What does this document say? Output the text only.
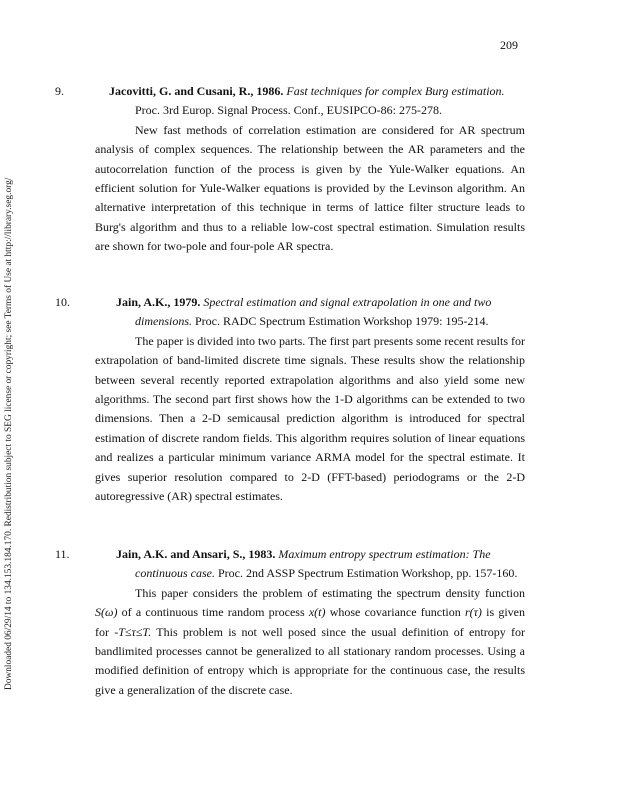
209
Downloaded 06/29/14 to 134.153.184.170. Redistribution subject to SEG license or copyright; see Terms of Use at http://library.seg.org/

9.	Jacovitti, G. and Cusani, R., 1986. Fast techniques for complex Burg estimation. Proc. 3rd Europ. Signal Process. Conf., EUSIPCO-86: 275-278.

New fast methods of correlation estimation are considered for AR spectrum analysis of complex sequences. The relationship between the AR parameters and the autocorrelation function of the process is given by the Yule-Walker equations. An efficient solution for Yule-Walker equations is provided by the Levinson algorithm. An alternative interpretation of this technique in terms of lattice filter structure leads to Burg's algorithm and thus to a reliable low-cost spectral estimation. Simulation results are shown for two-pole and four-pole AR spectra.

10.	Jain, A.K., 1979. Spectral estimation and signal extrapolation in one and two dimensions. Proc. RADC Spectrum Estimation Workshop 1979: 195-214.

The paper is divided into two parts. The first part presents some recent results for extrapolation of band-limited discrete time signals. These results show the relationship between several recently reported extrapolation algorithms and also yield some new algorithms. The second part first shows how the 1-D algorithms can be extended to two dimensions. Then a 2-D semicausal prediction algorithm is introduced for spectral estimation of discrete random fields. This algorithm requires solution of linear equations and realizes a particular minimum variance ARMA model for the spectral estimate. It gives superior resolution compared to 2-D (FFT-based) periodograms or the 2-D autoregressive (AR) spectral estimates.

11.	Jain, A.K. and Ansari, S., 1983. Maximum entropy spectrum estimation: The continuous case. Proc. 2nd ASSP Spectrum Estimation Workshop, pp. 157-160.

This paper considers the problem of estimating the spectrum density function S(ω) of a continuous time random process x(t) whose covariance function r(τ) is given for -T≤τ≤T. This problem is not well posed since the usual definition of entropy for bandlimited processes cannot be generalized to all stationary random processes. Using a modified definition of entropy which is appropriate for the continuous case, the results give a generalization of the discrete case.
